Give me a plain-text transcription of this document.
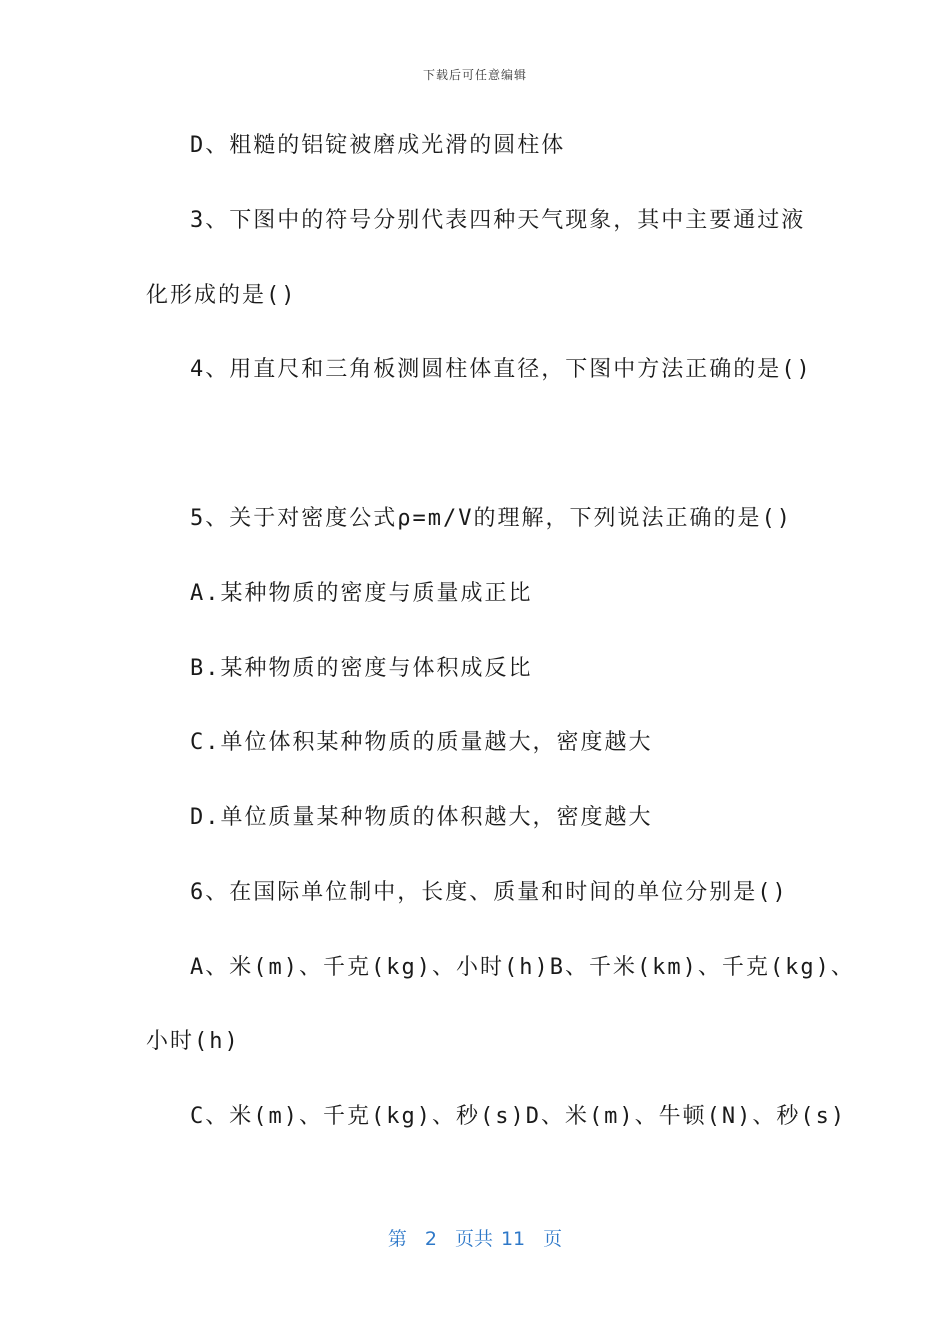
下载后可任意编辑
D、粗糙的铝锭被磨成光滑的圆柱体
3、下图中的符号分别代表四种天气现象，其中主要通过液
化形成的是()
4、用直尺和三角板测圆柱体直径，下图中方法正确的是()
5、关于对密度公式ρ=m/V的理解，下列说法正确的是()
A.某种物质的密度与质量成正比
B.某种物质的密度与体积成反比
C.单位体积某种物质的质量越大，密度越大
D.单位质量某种物质的体积越大，密度越大
6、在国际单位制中，长度、质量和时间的单位分别是()
A、米(m)、千克(kg)、小时(h)B、千米(km)、千克(kg)、
小时(h)
C、米(m)、千克(kg)、秒(s)D、米(m)、牛顿(N)、秒(s)
第 2 页共 11 页
